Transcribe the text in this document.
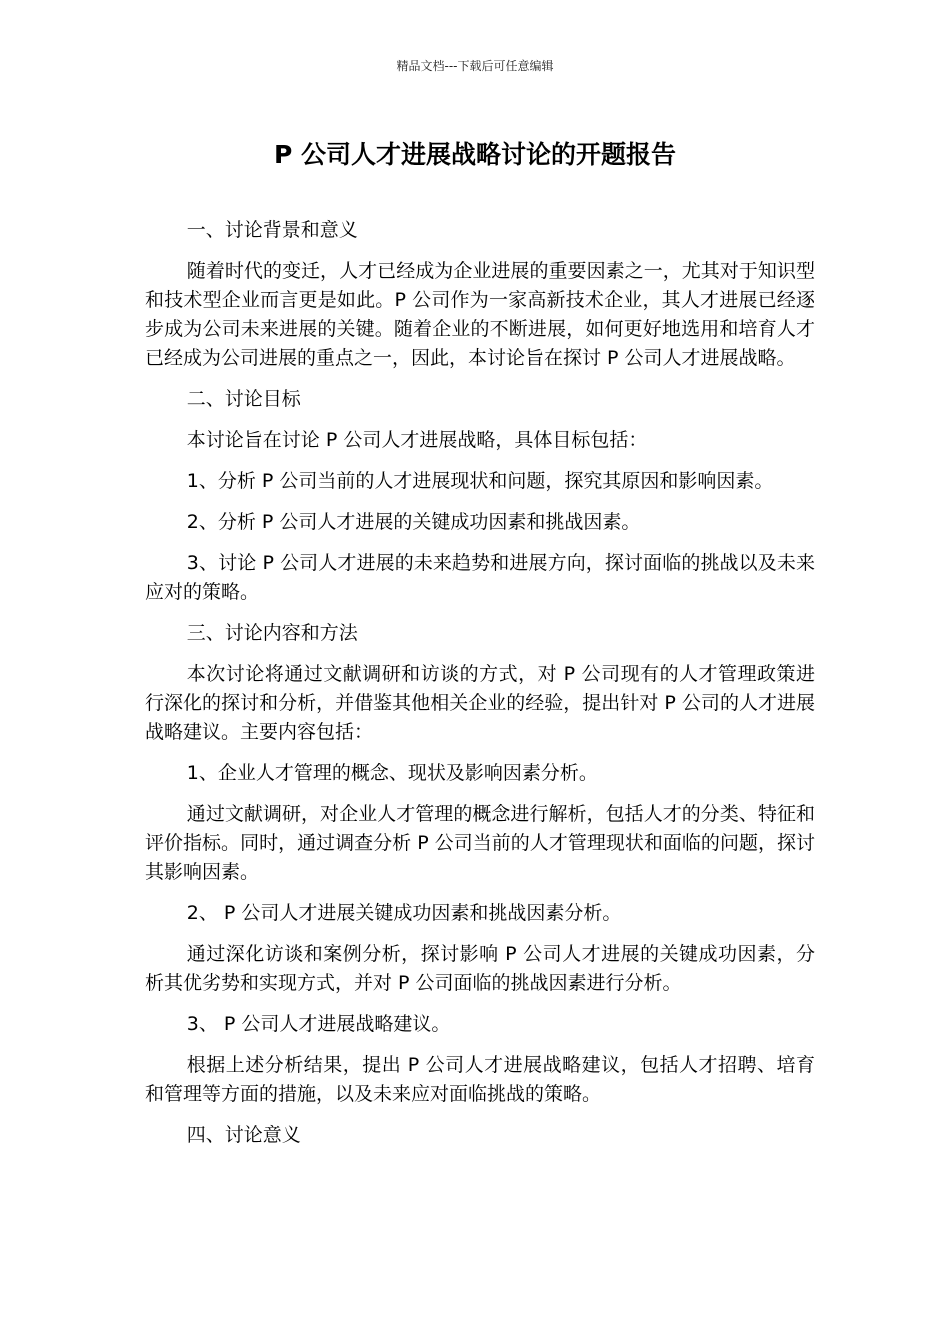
精品文档---下载后可任意编辑
P 公司人才进展战略讨论的开题报告

一、讨论背景和意义

随着时代的变迁，人才已经成为企业进展的重要因素之一，尤其对于知识型和技术型企业而言更是如此。P 公司作为一家高新技术企业，其人才进展已经逐步成为公司未来进展的关键。随着企业的不断进展，如何更好地选用和培育人才已经成为公司进展的重点之一，因此，本讨论旨在探讨 P 公司人才进展战略。

二、讨论目标

本讨论旨在讨论 P 公司人才进展战略，具体目标包括：

1、分析 P 公司当前的人才进展现状和问题，探究其原因和影响因素。

2、分析 P 公司人才进展的关键成功因素和挑战因素。

3、讨论 P 公司人才进展的未来趋势和进展方向，探讨面临的挑战以及未来应对的策略。

三、讨论内容和方法

本次讨论将通过文献调研和访谈的方式，对 P 公司现有的人才管理政策进行深化的探讨和分析，并借鉴其他相关企业的经验，提出针对 P 公司的人才进展战略建议。主要内容包括：

1、企业人才管理的概念、现状及影响因素分析。

通过文献调研，对企业人才管理的概念进行解析，包括人才的分类、特征和评价指标。同时，通过调查分析 P 公司当前的人才管理现状和面临的问题，探讨其影响因素。

2、 P 公司人才进展关键成功因素和挑战因素分析。

通过深化访谈和案例分析，探讨影响 P 公司人才进展的关键成功因素，分析其优劣势和实现方式，并对 P 公司面临的挑战因素进行分析。

3、 P 公司人才进展战略建议。

根据上述分析结果，提出 P 公司人才进展战略建议，包括人才招聘、培育和管理等方面的措施，以及未来应对面临挑战的策略。

四、讨论意义
